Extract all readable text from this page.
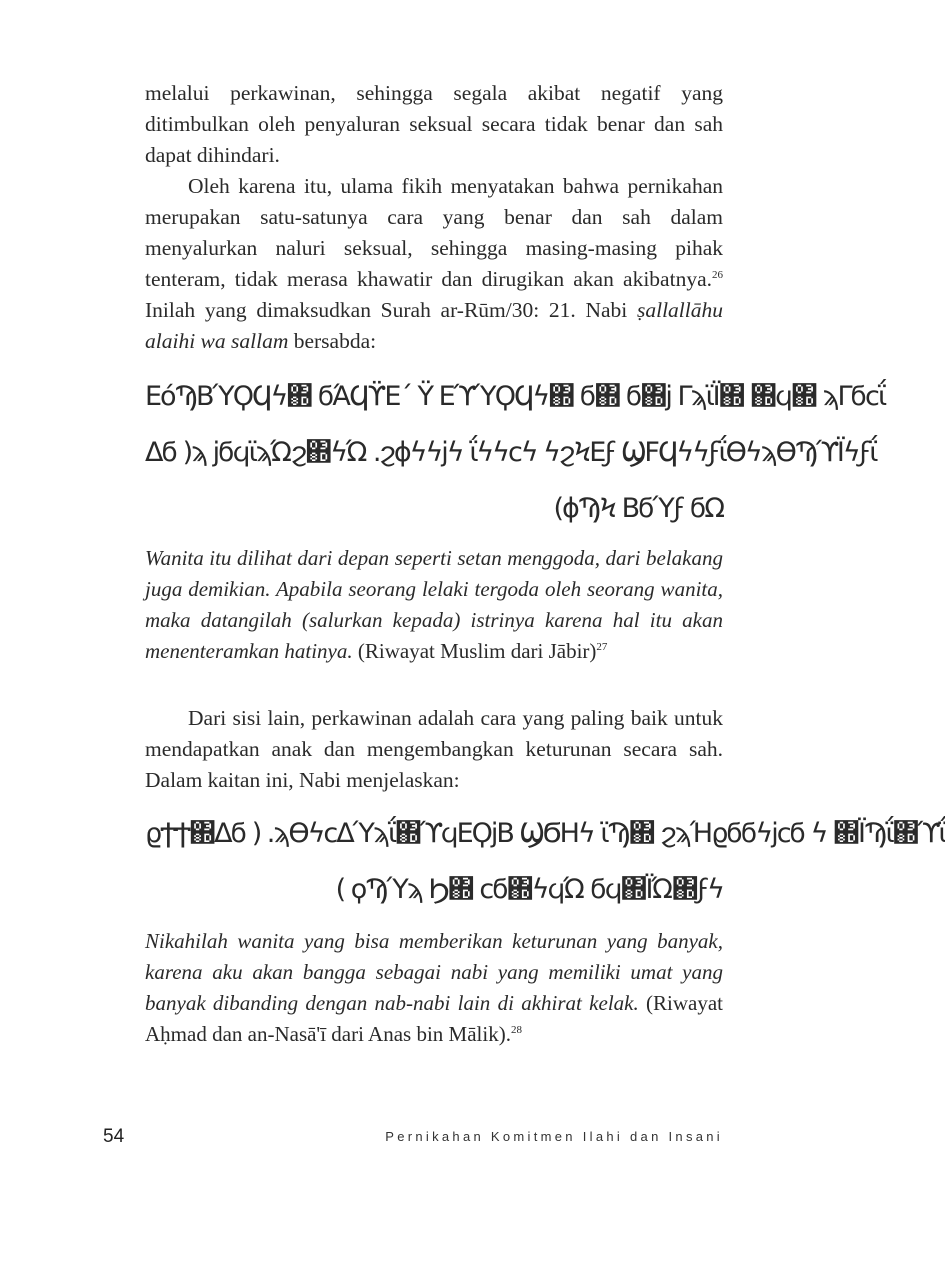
melalui perkawinan, sehingga segala akibat negatif yang ditimbulkan oleh penyaluran seksual secara tidak benar dan sah dapat dihindari.

Oleh karena itu, ulama fikih menyatakan bahwa pernikahan merupakan satu-satunya cara yang benar dan sah dalam menyalurkan naluri seksual, sehingga masing-masing pihak tenteram, tidak merasa khawatir dan dirugikan akan akibatnya.$^{26}$ Inilah yang dimaksudkan Surah ar-Rūm/30: 21. Nabi ṣallallāhu alaihi wa sallam bersabda:

ΕόϠΒΎϘϤϟ΍ ϭΆϤϔΕ΄ Ϋ ΕϓΎϘϤϟ΍ ϭ΍ ϭ΍ϳ ΓϡϊΪ΍ ΍ϥ΍ ϡΓϭϲΐ

Δϭ )ϡ ϳϭϥϊϡΏϩ΍ϟΏ .ϩϕϟϟϳϟ ΐϟϟϲϟ ϟϩϞΕϝ ϢϜϤϟϟϝΐϴϟϡϴϠϓΪϟϝΐ

(ϕϠϞ ΒϭΎϝ ϭΩ

Wanita itu dilihat dari depan seperti setan menggoda, dari belakang juga demikian. Apabila seorang lelaki tergoda oleh seorang wanita, maka datangilah (salurkan kepada) istrinya karena hal itu akan menenteramkan hatinya. (Riwayat Muslim dari Jābir)$^{27}$

Dari sisi lain, perkawinan adalah cara yang paling baik untuk mendapatkan anak dan mengembangkan keturunan secara sah. Dalam kaitan ini, Nabi menjelaskan:

ϱϮϮ΍Δϭ ) .ϡϴϟϲΔΎϡΐ΍ϓϥΕϘϳΒ ϢϬΗϟ ϊϠ΍ ϩϡΉϱϭϭϟϳϲϭ ϟ ΍ΪϠΐ΍ϓΐ

( ϙϠΎϡ Ϧ΍ ϲϭ΍ϟϥΏ ϭϥ΍ΪΏ΍ϝϟ

Nikahilah wanita yang bisa memberikan keturunan yang banyak, karena aku akan bangga sebagai nabi yang memiliki umat yang banyak dibanding dengan nab-nabi lain di akhirat kelak. (Riwayat Aḥmad dan an-Nasā'ī dari Anas bin Mālik).$^{28}$

54	Pernikahan Komitmen Ilahi dan Insani
